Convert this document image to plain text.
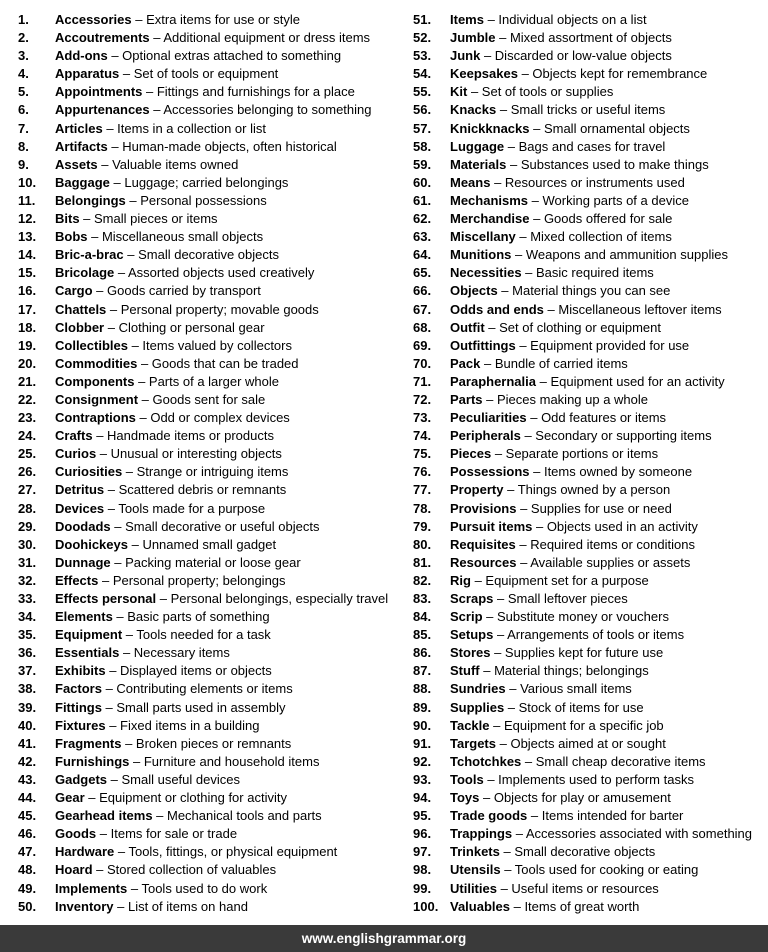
1.	Accessories – Extra items for use or style
2.	Accoutrements – Additional equipment or dress items
3.	Add-ons – Optional extras attached to something
4.	Apparatus – Set of tools or equipment
5.	Appointments – Fittings and furnishings for a place
6.	Appurtenances – Accessories belonging to something
7.	Articles – Items in a collection or list
8.	Artifacts – Human-made objects, often historical
9.	Assets – Valuable items owned
10.	Baggage – Luggage; carried belongings
11.	Belongings – Personal possessions
12.	Bits – Small pieces or items
13.	Bobs – Miscellaneous small objects
14.	Bric-a-brac – Small decorative objects
15.	Bricolage – Assorted objects used creatively
16.	Cargo – Goods carried by transport
17.	Chattels – Personal property; movable goods
18.	Clobber – Clothing or personal gear
19.	Collectibles – Items valued by collectors
20.	Commodities – Goods that can be traded
21.	Components – Parts of a larger whole
22.	Consignment – Goods sent for sale
23.	Contraptions – Odd or complex devices
24.	Crafts – Handmade items or products
25.	Curios – Unusual or interesting objects
26.	Curiosities – Strange or intriguing items
27.	Detritus – Scattered debris or remnants
28.	Devices – Tools made for a purpose
29.	Doodads – Small decorative or useful objects
30.	Doohickeys – Unnamed small gadget
31.	Dunnage – Packing material or loose gear
32.	Effects – Personal property; belongings
33.	Effects personal – Personal belongings, especially travel
34.	Elements – Basic parts of something
35.	Equipment – Tools needed for a task
36.	Essentials – Necessary items
37.	Exhibits – Displayed items or objects
38.	Factors – Contributing elements or items
39.	Fittings – Small parts used in assembly
40.	Fixtures – Fixed items in a building
41.	Fragments – Broken pieces or remnants
42.	Furnishings – Furniture and household items
43.	Gadgets – Small useful devices
44.	Gear – Equipment or clothing for activity
45.	Gearhead items – Mechanical tools and parts
46.	Goods – Items for sale or trade
47.	Hardware – Tools, fittings, or physical equipment
48.	Hoard – Stored collection of valuables
49.	Implements – Tools used to do work
50.	Inventory – List of items on hand
51.	Items – Individual objects on a list
52.	Jumble – Mixed assortment of objects
53.	Junk – Discarded or low-value objects
54.	Keepsakes – Objects kept for remembrance
55.	Kit – Set of tools or supplies
56.	Knacks – Small tricks or useful items
57.	Knickknacks – Small ornamental objects
58.	Luggage – Bags and cases for travel
59.	Materials – Substances used to make things
60.	Means – Resources or instruments used
61.	Mechanisms – Working parts of a device
62.	Merchandise – Goods offered for sale
63.	Miscellany – Mixed collection of items
64.	Munitions – Weapons and ammunition supplies
65.	Necessities – Basic required items
66.	Objects – Material things you can see
67.	Odds and ends – Miscellaneous leftover items
68.	Outfit – Set of clothing or equipment
69.	Outfittings – Equipment provided for use
70.	Pack – Bundle of carried items
71.	Paraphernalia – Equipment used for an activity
72.	Parts – Pieces making up a whole
73.	Peculiarities – Odd features or items
74.	Peripherals – Secondary or supporting items
75.	Pieces – Separate portions or items
76.	Possessions – Items owned by someone
77.	Property – Things owned by a person
78.	Provisions – Supplies for use or need
79.	Pursuit items – Objects used in an activity
80.	Requisites – Required items or conditions
81.	Resources – Available supplies or assets
82.	Rig – Equipment set for a purpose
83.	Scraps – Small leftover pieces
84.	Scrip – Substitute money or vouchers
85.	Setups – Arrangements of tools or items
86.	Stores – Supplies kept for future use
87.	Stuff – Material things; belongings
88.	Sundries – Various small items
89.	Supplies – Stock of items for use
90.	Tackle – Equipment for a specific job
91.	Targets – Objects aimed at or sought
92.	Tchotchkes – Small cheap decorative items
93.	Tools – Implements used to perform tasks
94.	Toys – Objects for play or amusement
95.	Trade goods – Items intended for barter
96.	Trappings – Accessories associated with something
97.	Trinkets – Small decorative objects
98.	Utensils – Tools used for cooking or eating
99.	Utilities – Useful items or resources
100. Valuables – Items of great worth
www.englishgrammar.org
